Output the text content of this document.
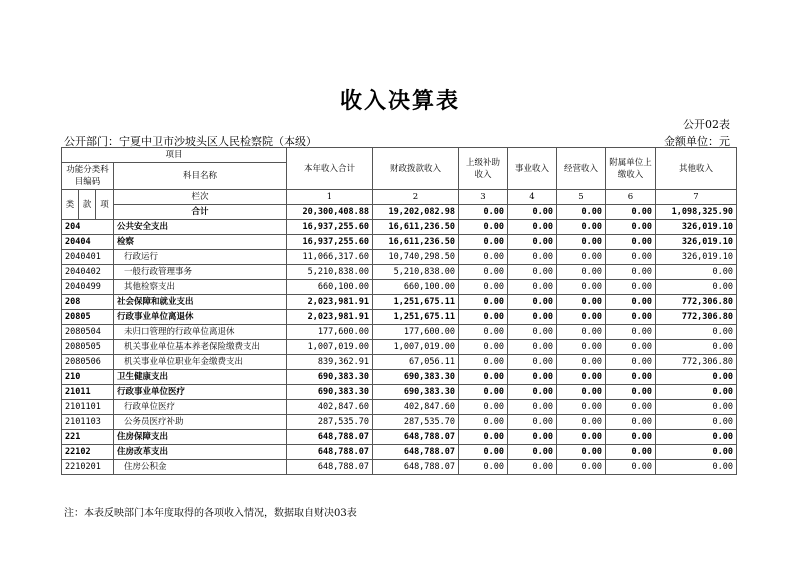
收入决算表
公开02表
公开部门：宁夏中卫市沙坡头区人民检察院（本级）	金额单位：元
项目				本年收入合计	财政拨款收入	上级补助收入	事业收入	经营收入	附属单位上缴收入	其他收入
功能分类科目编码			科目名称							

类	款	项	栏次	1	2	3	4	5	6	7
			合计	20,300,408.88	19,202,082.98	0.00	0.00	0.00	0.00	1,098,325.90
204			公共安全支出	16,937,255.60	16,611,236.50	0.00	0.00	0.00	0.00	326,019.10
20404			检察	16,937,255.60	16,611,236.50	0.00	0.00	0.00	0.00	326,019.10
2040401			行政运行	11,066,317.60	10,740,298.50	0.00	0.00	0.00	0.00	326,019.10
2040402			一般行政管理事务	5,210,838.00	5,210,838.00	0.00	0.00	0.00	0.00	0.00
2040499			其他检察支出	660,100.00	660,100.00	0.00	0.00	0.00	0.00	0.00
208			社会保障和就业支出	2,023,981.91	1,251,675.11	0.00	0.00	0.00	0.00	772,306.80
20805			行政事业单位离退休	2,023,981.91	1,251,675.11	0.00	0.00	0.00	0.00	772,306.80
2080504			未归口管理的行政单位离退休	177,600.00	177,600.00	0.00	0.00	0.00	0.00	0.00
2080505			机关事业单位基本养老保险缴费支出	1,007,019.00	1,007,019.00	0.00	0.00	0.00	0.00	0.00
2080506			机关事业单位职业年金缴费支出	839,362.91	67,056.11	0.00	0.00	0.00	0.00	772,306.80
210			卫生健康支出	690,383.30	690,383.30	0.00	0.00	0.00	0.00	0.00
21011			行政事业单位医疗	690,383.30	690,383.30	0.00	0.00	0.00	0.00	0.00
2101101			行政单位医疗	402,847.60	402,847.60	0.00	0.00	0.00	0.00	0.00
2101103			公务员医疗补助	287,535.70	287,535.70	0.00	0.00	0.00	0.00	0.00
221			住房保障支出	648,788.07	648,788.07	0.00	0.00	0.00	0.00	0.00
22102			住房改革支出	648,788.07	648,788.07	0.00	0.00	0.00	0.00	0.00
2210201			住房公积金	648,788.07	648,788.07	0.00	0.00	0.00	0.00	0.00
注：本表反映部门本年度取得的各项收入情况，数据取自财决03表
